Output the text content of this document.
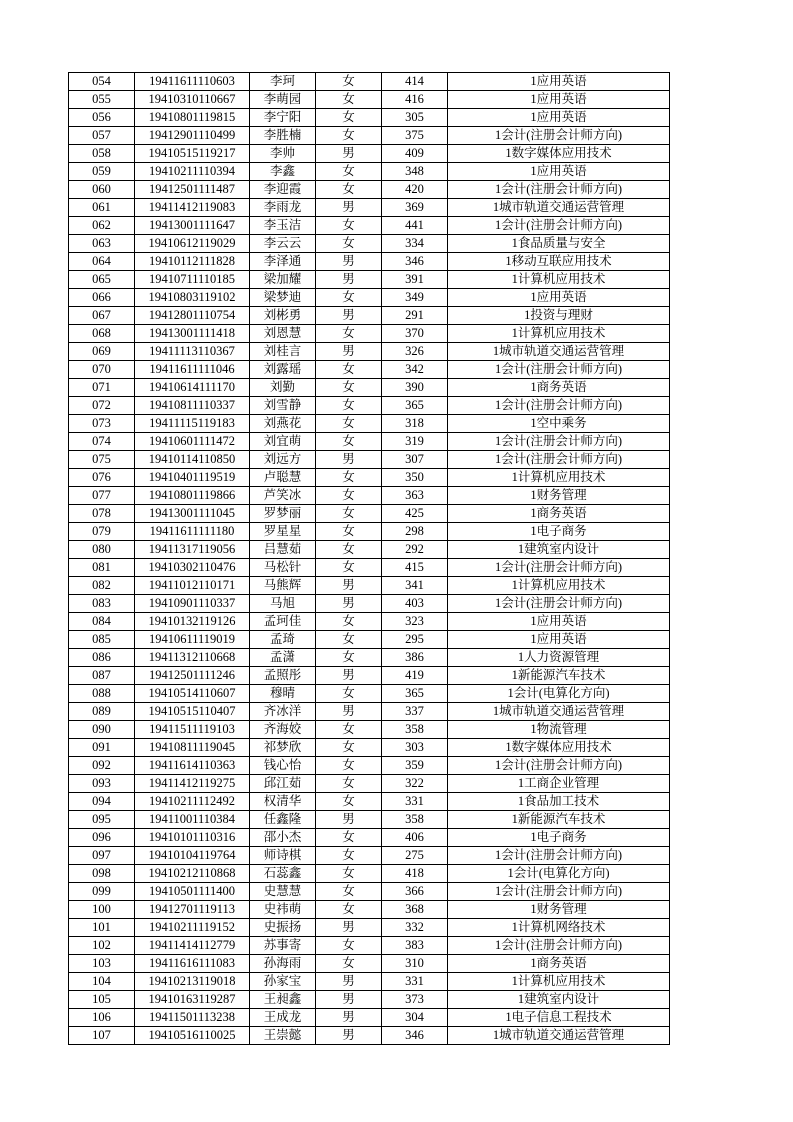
054	19411611110603	李珂	女	414	1应用英语
055	19410310110667	李萌园	女	416	1应用英语
056	19410801119815	李宁阳	女	305	1应用英语
057	19412901110499	李胜楠	女	375	1会计(注册会计师方向)
058	19410515119217	李帅	男	409	1数字媒体应用技术
059	19410211110394	李鑫	女	348	1应用英语
060	19412501111487	李迎霞	女	420	1会计(注册会计师方向)
061	19411412119083	李雨龙	男	369	1城市轨道交通运营管理
062	19413001111647	李玉洁	女	441	1会计(注册会计师方向)
063	19410612119029	李云云	女	334	1食品质量与安全
064	19410112111828	李泽通	男	346	1移动互联应用技术
065	19410711110185	梁加耀	男	391	1计算机应用技术
066	19410803119102	梁梦迪	女	349	1应用英语
067	19412801110754	刘彬勇	男	291	1投资与理财
068	19413001111418	刘恩慧	女	370	1计算机应用技术
069	19411113110367	刘桂言	男	326	1城市轨道交通运营管理
070	19411611111046	刘露瑶	女	342	1会计(注册会计师方向)
071	19410614111170	刘勤	女	390	1商务英语
072	19410811110337	刘雪静	女	365	1会计(注册会计师方向)
073	19411115119183	刘燕花	女	318	1空中乘务
074	19410601111472	刘宜萌	女	319	1会计(注册会计师方向)
075	19410114110850	刘远方	男	307	1会计(注册会计师方向)
076	19410401119519	卢聪慧	女	350	1计算机应用技术
077	19410801119866	芦笑冰	女	363	1财务管理
078	19413001111045	罗梦丽	女	425	1商务英语
079	19411611111180	罗星星	女	298	1电子商务
080	19411317119056	吕慧茹	女	292	1建筑室内设计
081	19410302110476	马松针	女	415	1会计(注册会计师方向)
082	19411012110171	马熊辉	男	341	1计算机应用技术
083	19410901110337	马旭	男	403	1会计(注册会计师方向)
084	19410132119126	孟珂佳	女	323	1应用英语
085	19410611119019	孟琦	女	295	1应用英语
086	19411312110668	孟潇	女	386	1人力资源管理
087	19412501111246	孟照彤	男	419	1新能源汽车技术
088	19410514110607	穆晴	女	365	1会计(电算化方向)
089	19410515110407	齐冰洋	男	337	1城市轨道交通运营管理
090	19411511119103	齐海姣	女	358	1物流管理
091	19410811119045	祁梦欣	女	303	1数字媒体应用技术
092	19411614110363	钱心怡	女	359	1会计(注册会计师方向)
093	19411412119275	邱江茹	女	322	1工商企业管理
094	19410211112492	权清华	女	331	1食品加工技术
095	19411001110384	任鑫隆	男	358	1新能源汽车技术
096	19410101110316	邵小杰	女	406	1电子商务
097	19410104119764	师诗棋	女	275	1会计(注册会计师方向)
098	19410212110868	石蕊鑫	女	418	1会计(电算化方向)
099	19410501111400	史慧慧	女	366	1会计(注册会计师方向)
100	19412701119113	史祎萌	女	368	1财务管理
101	19410211119152	史振扬	男	332	1计算机网络技术
102	19411414112779	苏事寄	女	383	1会计(注册会计师方向)
103	19411616111083	孙海雨	女	310	1商务英语
104	19410213119018	孙家宝	男	331	1计算机应用技术
105	19410163119287	王昶鑫	男	373	1建筑室内设计
106	19411501113238	王成龙	男	304	1电子信息工程技术
107	19410516110025	王崇懿	男	346	1城市轨道交通运营管理
